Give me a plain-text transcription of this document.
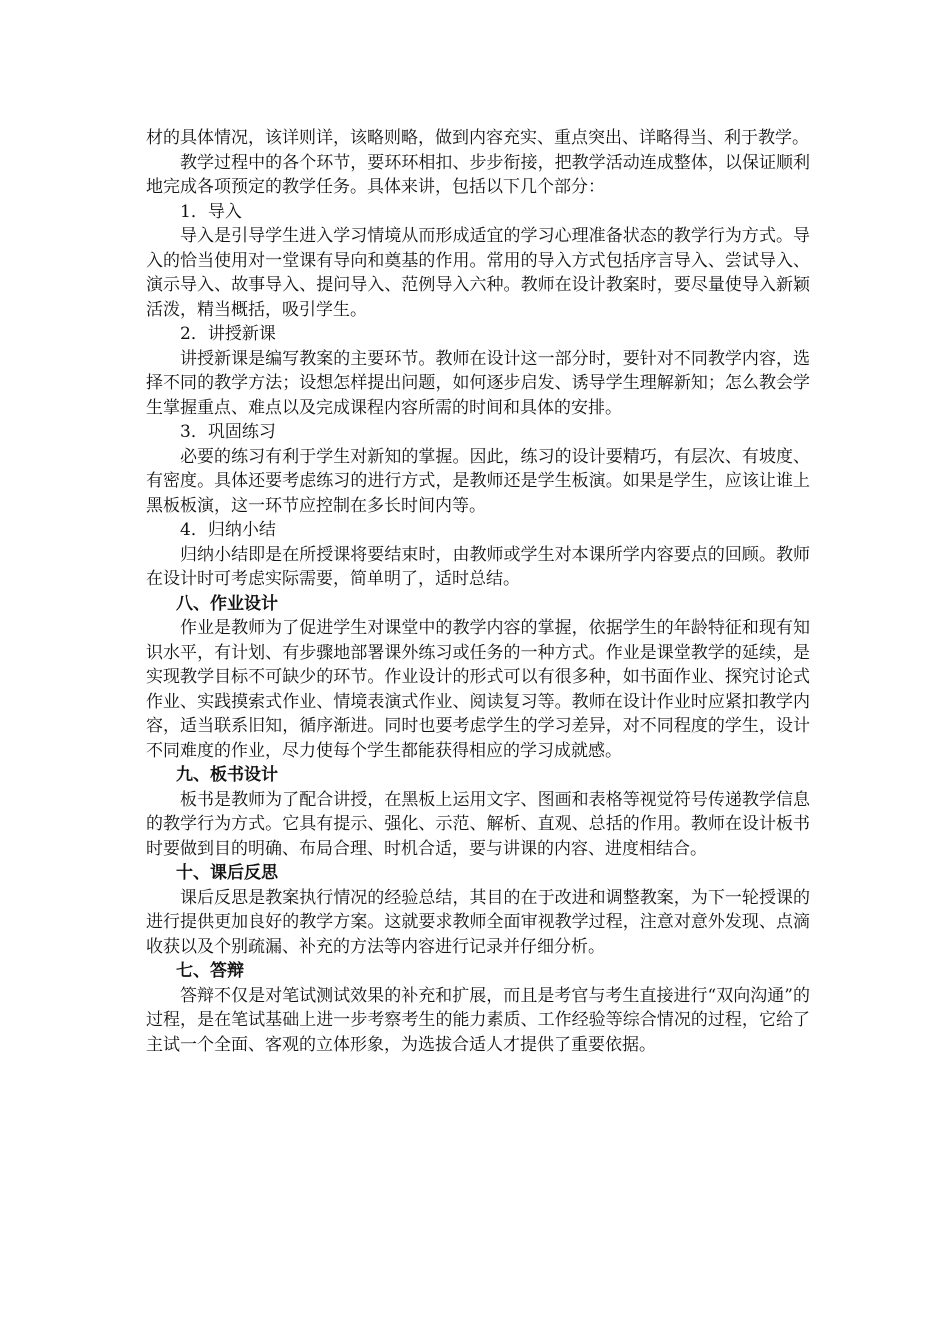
材的具体情况，该详则详，该略则略，做到内容充实、重点突出、详略得当、利于教学。

教学过程中的各个环节，要环环相扣、步步衔接，把教学活动连成整体，以保证顺利地完成各项预定的教学任务。具体来讲，包括以下几个部分：

1．导入

导入是引导学生进入学习情境从而形成适宜的学习心理准备状态的教学行为方式。导入的恰当使用对一堂课有导向和奠基的作用。常用的导入方式包括序言导入、尝试导入、演示导入、故事导入、提问导入、范例导入六种。教师在设计教案时，要尽量使导入新颖活泼，精当概括，吸引学生。

2．讲授新课

讲授新课是编写教案的主要环节。教师在设计这一部分时，要针对不同教学内容，选择不同的教学方法；设想怎样提出问题，如何逐步启发、诱导学生理解新知；怎么教会学生掌握重点、难点以及完成课程内容所需的时间和具体的安排。

3．巩固练习

必要的练习有利于学生对新知的掌握。因此，练习的设计要精巧，有层次、有坡度、有密度。具体还要考虑练习的进行方式，是教师还是学生板演。如果是学生，应该让谁上黑板板演，这一环节应控制在多长时间内等。

4．归纳小结

归纳小结即是在所授课将要结束时，由教师或学生对本课所学内容要点的回顾。教师在设计时可考虑实际需要，简单明了，适时总结。

八、作业设计

作业是教师为了促进学生对课堂中的教学内容的掌握，依据学生的年龄特征和现有知识水平，有计划、有步骤地部署课外练习或任务的一种方式。作业是课堂教学的延续，是实现教学目标不可缺少的环节。作业设计的形式可以有很多种，如书面作业、探究讨论式作业、实践摸索式作业、情境表演式作业、阅读复习等。教师在设计作业时应紧扣教学内容，适当联系旧知，循序渐进。同时也要考虑学生的学习差异，对不同程度的学生，设计不同难度的作业，尽力使每个学生都能获得相应的学习成就感。

九、板书设计

板书是教师为了配合讲授，在黑板上运用文字、图画和表格等视觉符号传递教学信息的教学行为方式。它具有提示、强化、示范、解析、直观、总括的作用。教师在设计板书时要做到目的明确、布局合理、时机合适，要与讲课的内容、进度相结合。

十、课后反思

课后反思是教案执行情况的经验总结，其目的在于改进和调整教案，为下一轮授课的进行提供更加良好的教学方案。这就要求教师全面审视教学过程，注意对意外发现、点滴收获以及个别疏漏、补充的方法等内容进行记录并仔细分析。

七、答辩

答辩不仅是对笔试测试效果的补充和扩展，而且是考官与考生直接进行“双向沟通”的过程，是在笔试基础上进一步考察考生的能力素质、工作经验等综合情况的过程，它给了主试一个全面、客观的立体形象，为选拔合适人才提供了重要依据。
